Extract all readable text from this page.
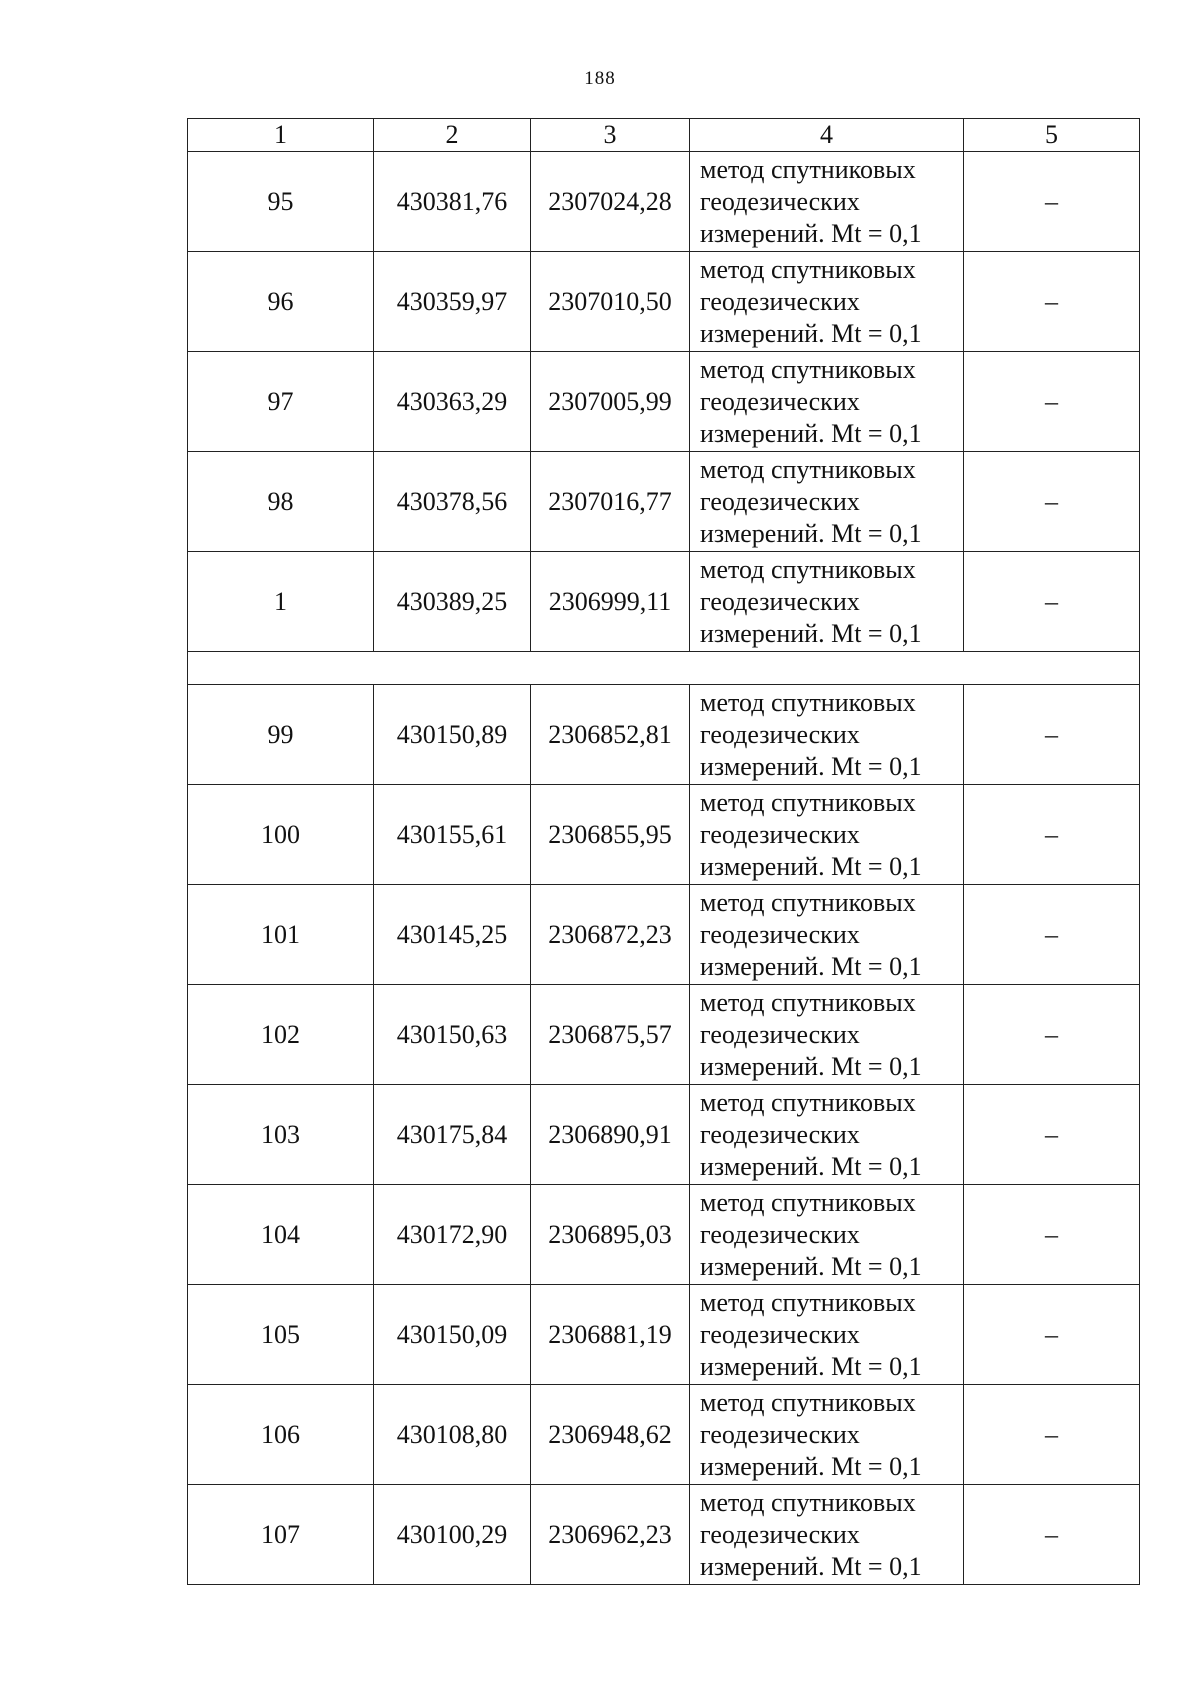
188
1	2	3	4	5
95	430381,76	2307024,28	метод спутниковых
геодезических
измерений. Mt = 0,1	–
96	430359,97	2307010,50	метод спутниковых
геодезических
измерений. Mt = 0,1	–
97	430363,29	2307005,99	метод спутниковых
геодезических
измерений. Mt = 0,1	–
98	430378,56	2307016,77	метод спутниковых
геодезических
измерений. Mt = 0,1	–
1	430389,25	2306999,11	метод спутниковых
геодезических
измерений. Mt = 0,1	–

99	430150,89	2306852,81	метод спутниковых
геодезических
измерений. Mt = 0,1	–
100	430155,61	2306855,95	метод спутниковых
геодезических
измерений. Mt = 0,1	–
101	430145,25	2306872,23	метод спутниковых
геодезических
измерений. Mt = 0,1	–
102	430150,63	2306875,57	метод спутниковых
геодезических
измерений. Mt = 0,1	–
103	430175,84	2306890,91	метод спутниковых
геодезических
измерений. Mt = 0,1	–
104	430172,90	2306895,03	метод спутниковых
геодезических
измерений. Mt = 0,1	–
105	430150,09	2306881,19	метод спутниковых
геодезических
измерений. Mt = 0,1	–
106	430108,80	2306948,62	метод спутниковых
геодезических
измерений. Mt = 0,1	–
107	430100,29	2306962,23	метод спутниковых
геодезических
измерений. Mt = 0,1	–
